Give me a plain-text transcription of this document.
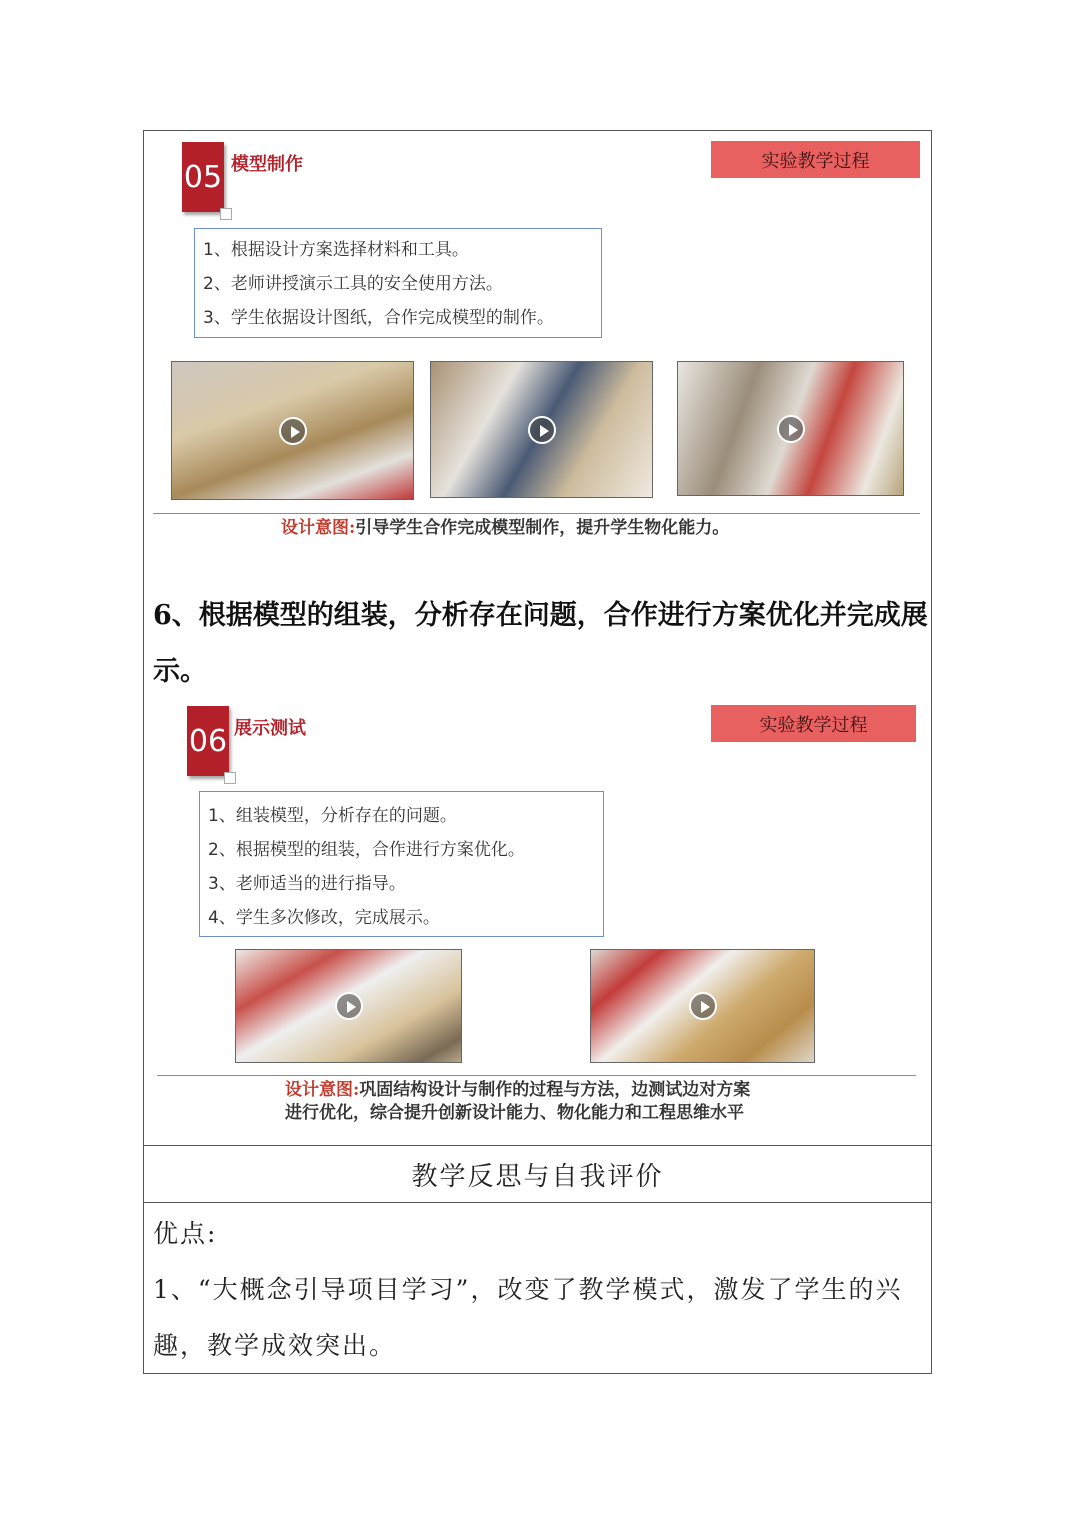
05 模型制作	实验教学过程
1、根据设计方案选择材料和工具。
2、老师讲授演示工具的安全使用方法。
3、学生依据设计图纸，合作完成模型的制作。
设计意图:引导学生合作完成模型制作，提升学生物化能力。
6、根据模型的组装，分析存在问题，合作进行方案优化并完成展示。
06 展示测试	实验教学过程
1、组装模型，分析存在的问题。
2、根据模型的组装，合作进行方案优化。
3、老师适当的进行指导。
4、学生多次修改，完成展示。
设计意图:巩固结构设计与制作的过程与方法，边测试边对方案
进行优化，综合提升创新设计能力、物化能力和工程思维水平
教学反思与自我评价
优点:
1、“大概念引导项目学习”，改变了教学模式，激发了学生的兴趣，教学成效突出。
